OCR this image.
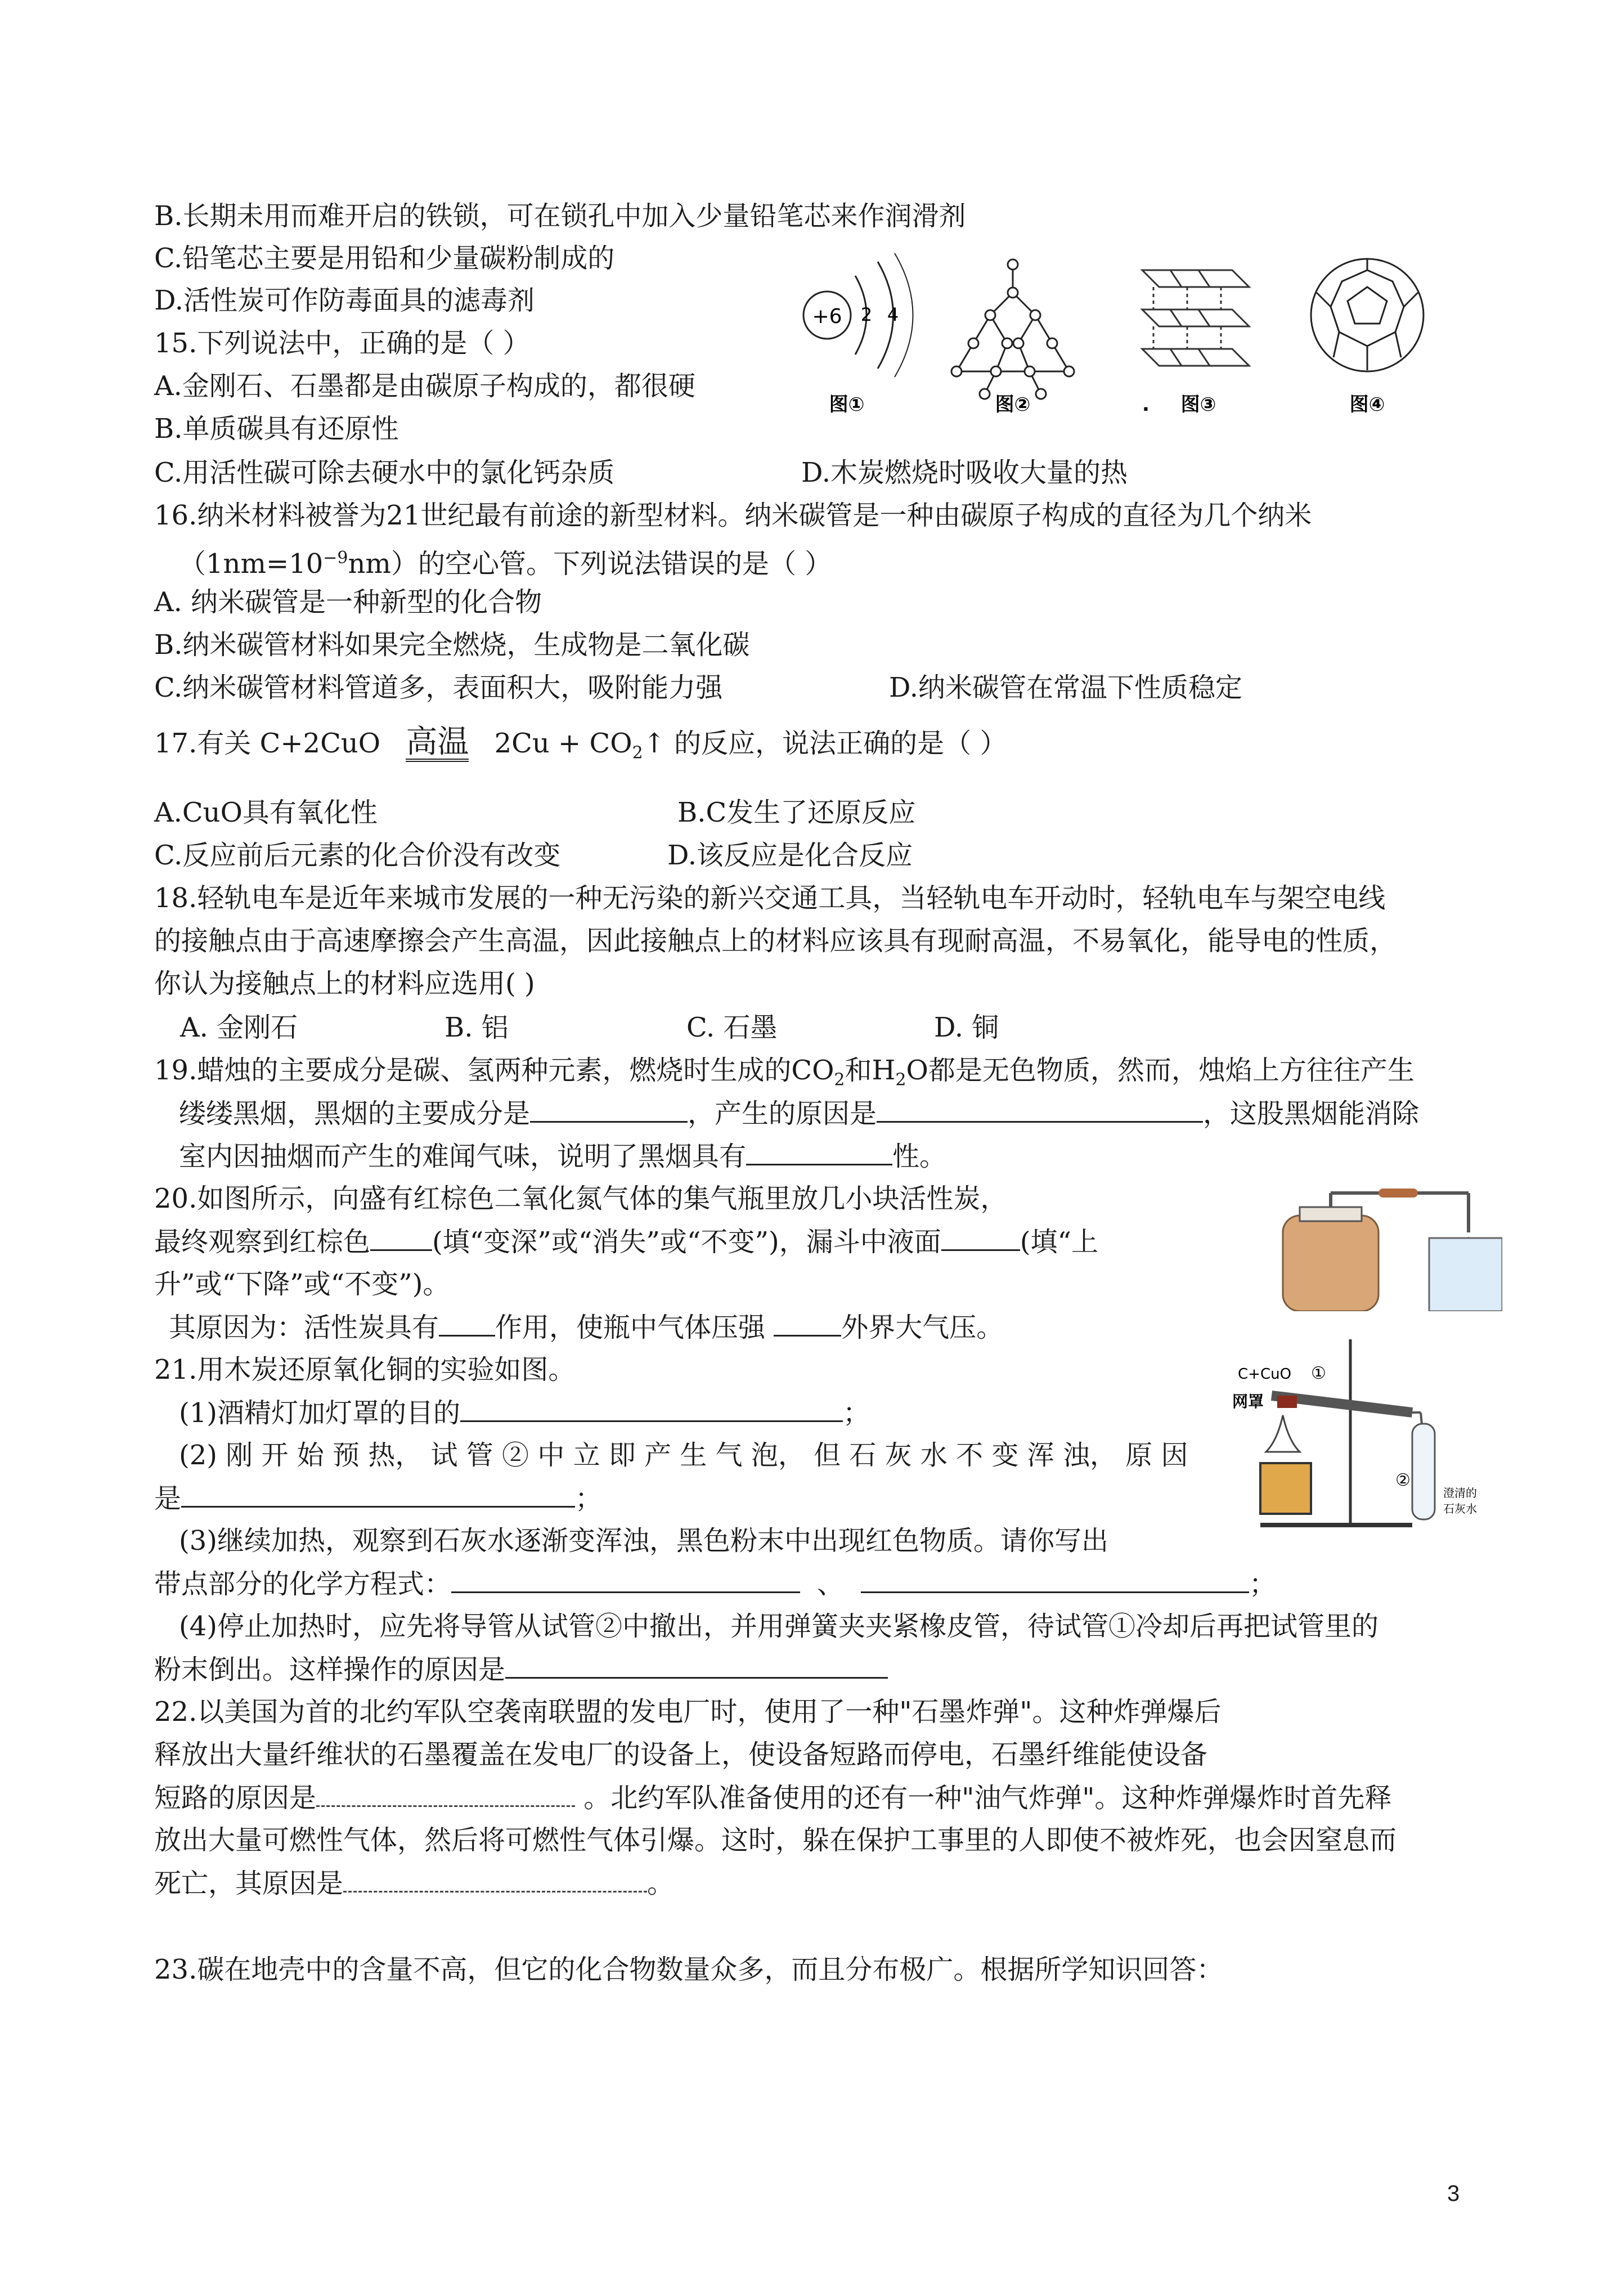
B.长期未用而难开启的铁锁，可在锁孔中加入少量铅笔芯来作润滑剂
C.铅笔芯主要是用铅和少量碳粉制成的
D.活性炭可作防毒面具的滤毒剂
15.下列说法中，正确的是（ ）
A.金刚石、石墨都是由碳原子构成的，都很硬
B.单质碳具有还原性
C.用活性碳可除去硬水中的氯化钙杂质	D.木炭燃烧时吸收大量的热
+6 2 4
图①	图②	. 图③	图④
16.纳米材料被誉为21世纪最有前途的新型材料。纳米碳管是一种由碳原子构成的直径为几个纳米
$(1nm=10^{-9}nm)$的空心管。下列说法错误的是（ ）
A. 纳米碳管是一种新型的化合物
B.纳米碳管材料如果完全燃烧，生成物是二氧化碳
C.纳米碳管材料管道多，表面积大，吸附能力强	D.纳米碳管在常温下性质稳定
17.有关 C+2CuO 高温 $2Cu + CO_2↑$ 的反应，说法正确的是（ ）
A.CuO具有氧化性	B.C发生了还原反应
C.反应前后元素的化合价没有改变	D.该反应是化合反应
18.轻轨电车是近年来城市发展的一种无污染的新兴交通工具，当轻轨电车开动时，轻轨电车与架空电线
的接触点由于高速摩擦会产生高温，因此接触点上的材料应该具有现耐高温，不易氧化，能导电的性质，
你认为接触点上的材料应选用( )
A. 金刚石	B. 铝	C. 石墨	D. 铜
19.蜡烛的主要成分是碳、氢两种元素，燃烧时生成的$CO_2$和$H_2O$都是无色物质，然而，烛焰上方往往产生
缕缕黑烟，黑烟的主要成分是	，产生的原因是	，这股黑烟能消除
室内因抽烟而产生的难闻气味，说明了黑烟具有	性。
20.如图所示，向盛有红棕色二氧化氮气体的集气瓶里放几小块活性炭，
最终观察到红棕色 (填“变深”或“消失”或“不变”)，漏斗中液面	(填“上
升”或“下降”或“不变”)。
其原因为：活性炭具有 作用，使瓶中气体压强	外界大气压。
21.用木炭还原氧化铜的实验如图。
(1)酒精灯加灯罩的目的	；
(2) 刚 开 始 预 热， 试 管 ② 中 立 即 产 生 气 泡， 但 石 灰 水 不 变 浑 浊， 原 因
是	；
(3)继续加热，观察到石灰水逐渐变浑浊，黑色粉末中出现红色物质。请你写出
带点部分的化学方程式：	、	；
(4)停止加热时，应先将导管从试管②中撤出，并用弹簧夹夹紧橡皮管，待试管①冷却后再把试管里的
粉末倒出。这样操作的原因是
C+CuO ①
网罩
②
澄清的
石灰水
22.以美国为首的北约军队空袭南联盟的发电厂时，使用了一种"石墨炸弹"。这种炸弹爆后
释放出大量纤维状的石墨覆盖在发电厂的设备上，使设备短路而停电，石墨纤维能使设备
短路的原因是	。北约军队准备使用的还有一种"油气炸弹"。这种炸弹爆炸时首先释
放出大量可燃性气体，然后将可燃性气体引爆。这时，躲在保护工事里的人即使不被炸死，也会因窒息而
死亡，其原因是	。
23.碳在地壳中的含量不高，但它的化合物数量众多，而且分布极广。根据所学知识回答：
3
